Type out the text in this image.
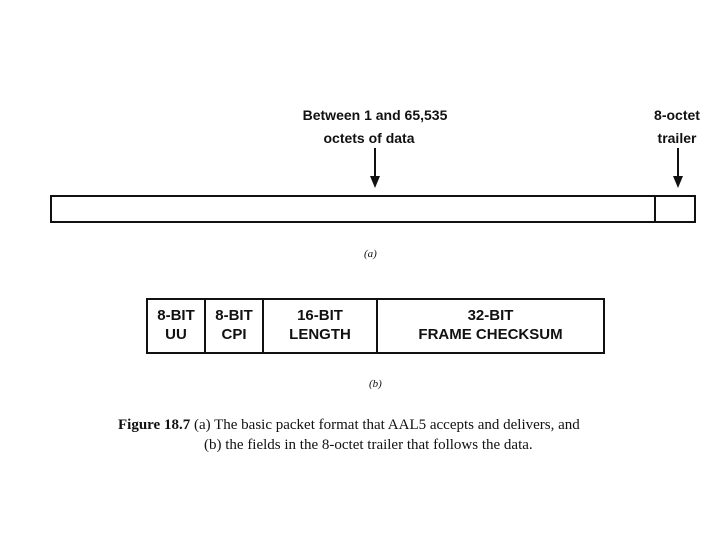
Between 1 and 65,535
octets of data
8-octet
trailer
(a)
8-BIT
UU
8-BIT
CPI
16-BIT
LENGTH
32-BIT
FRAME CHECKSUM
(b)
Figure 18.7 (a) The basic packet format that AAL5 accepts and delivers, and
(b) the fields in the 8-octet trailer that follows the data.
